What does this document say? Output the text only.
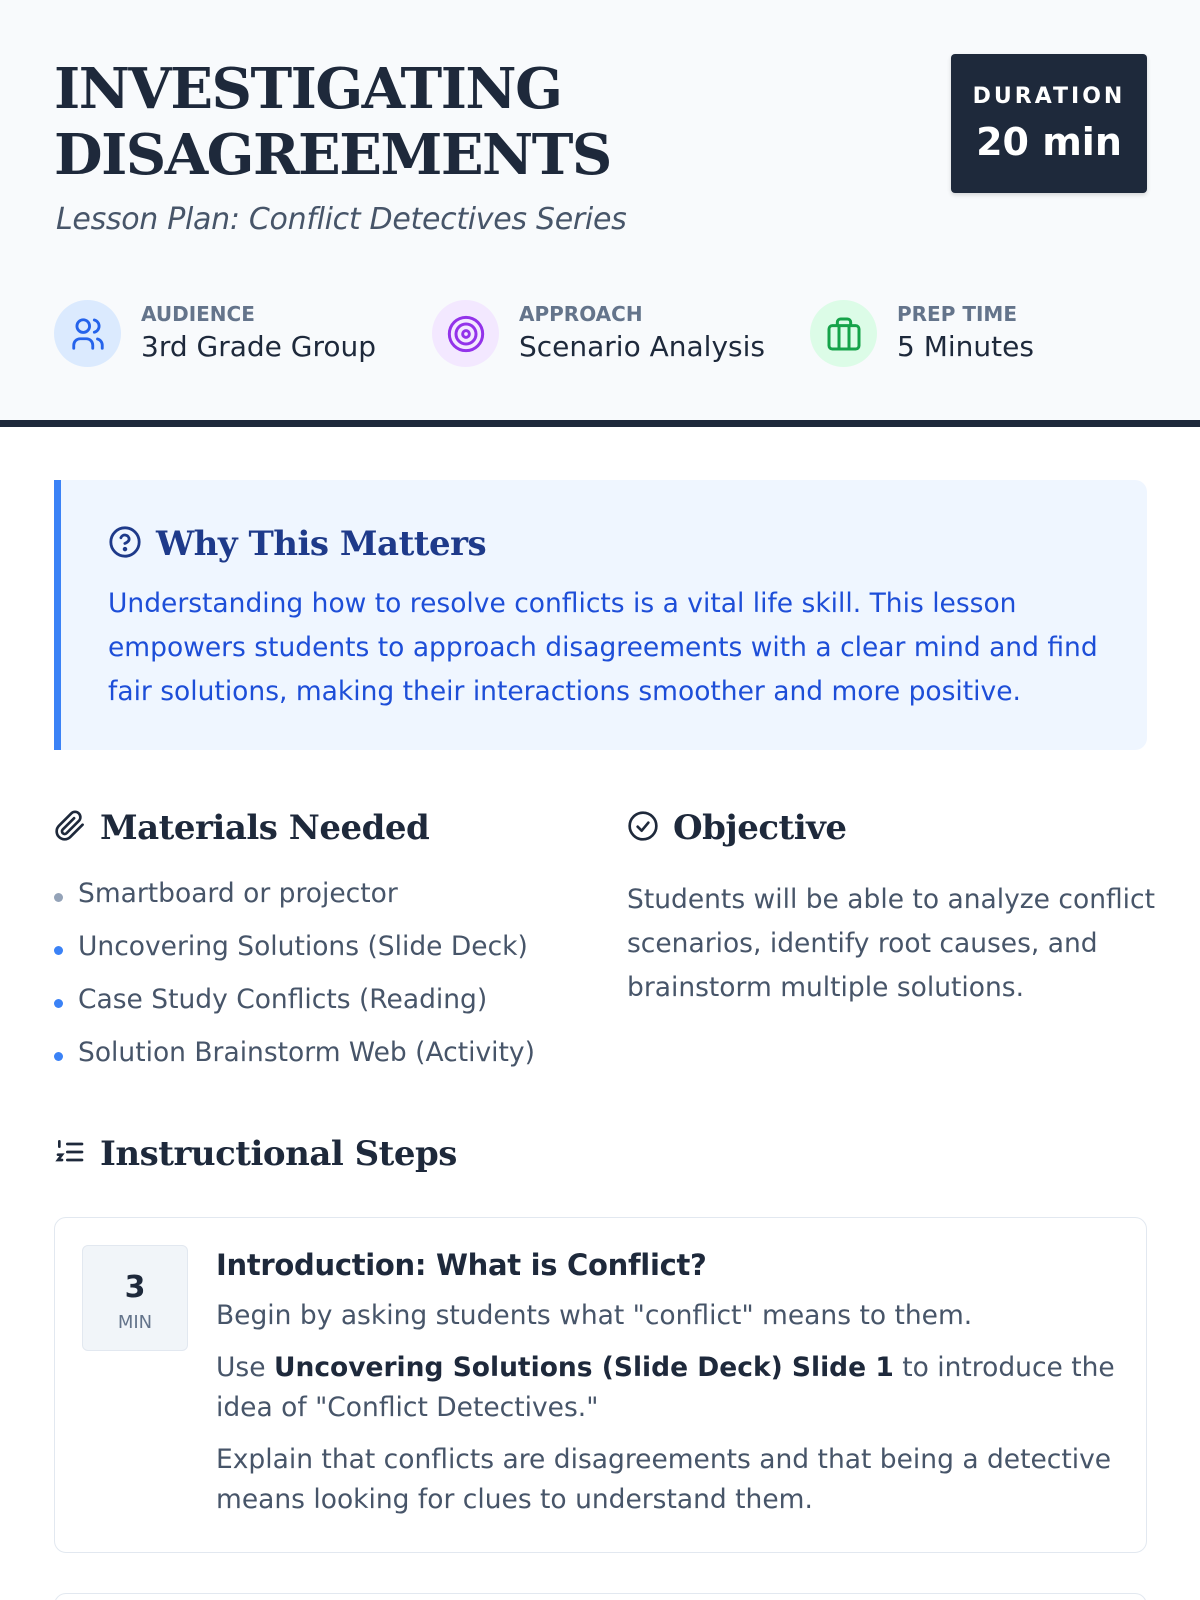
INVESTIGATING DISAGREEMENTS
Lesson Plan: Conflict Detectives Series
DURATION
20 min
AUDIENCE
3rd Grade Group
APPROACH
Scenario Analysis
PREP TIME
5 Minutes
Why This Matters

Understanding how to resolve conflicts is a vital life skill. This lesson empowers students to approach disagreements with a clear mind and find fair solutions, making their interactions smoother and more positive.

Materials Needed
Smartboard or projector
Uncovering Solutions (Slide Deck)
Case Study Conflicts (Reading)
Solution Brainstorm Web (Activity)
Objective

Students will be able to analyze conflict scenarios, identify root causes, and brainstorm multiple solutions.

Instructional Steps
3
MIN
Introduction: What is Conflict?

Begin by asking students what "conflict" means to them.

Use Uncovering Solutions (Slide Deck) Slide 1 to introduce the idea of "Conflict Detectives."

Explain that conflicts are disagreements and that being a detective means looking for clues to understand them.
